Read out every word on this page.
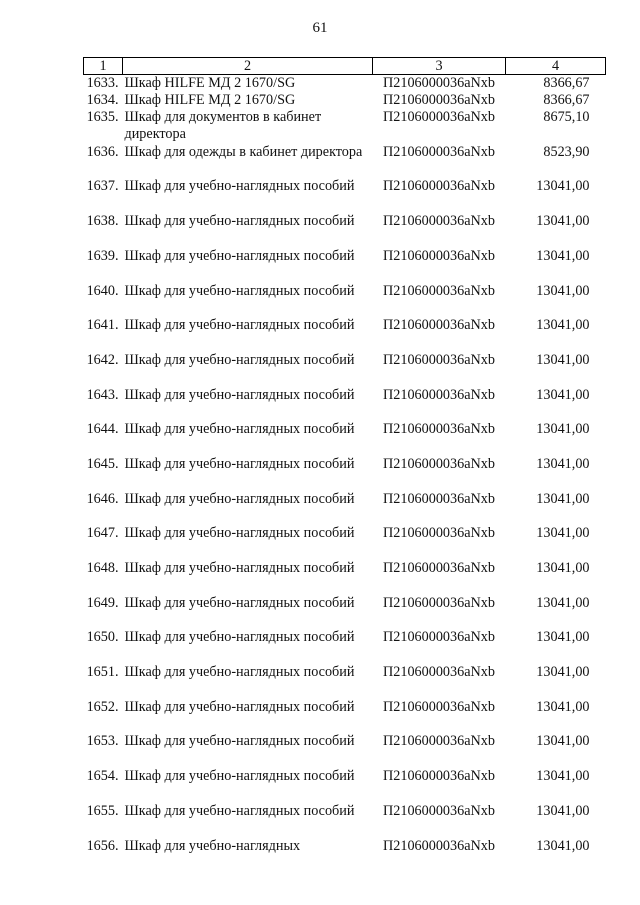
61
1	2	3	4
1633.	Шкаф HILFE МД 2 1670/SG	П2106000036aNxb	8366,67
1634.	Шкаф HILFE МД 2 1670/SG	П2106000036aNxb	8366,67
1635.	Шкаф для документов в кабинет директора	П2106000036aNxb	8675,10
1636.	Шкаф для одежды в кабинет директора	П2106000036aNxb	8523,90
1637.	Шкаф для учебно-наглядных пособий	П2106000036aNxb	13041,00
1638.	Шкаф для учебно-наглядных пособий	П2106000036aNxb	13041,00
1639.	Шкаф для учебно-наглядных пособий	П2106000036aNxb	13041,00
1640.	Шкаф для учебно-наглядных пособий	П2106000036aNxb	13041,00
1641.	Шкаф для учебно-наглядных пособий	П2106000036aNxb	13041,00
1642.	Шкаф для учебно-наглядных пособий	П2106000036aNxb	13041,00
1643.	Шкаф для учебно-наглядных пособий	П2106000036aNxb	13041,00
1644.	Шкаф для учебно-наглядных пособий	П2106000036aNxb	13041,00
1645.	Шкаф для учебно-наглядных пособий	П2106000036aNxb	13041,00
1646.	Шкаф для учебно-наглядных пособий	П2106000036aNxb	13041,00
1647.	Шкаф для учебно-наглядных пособий	П2106000036aNxb	13041,00
1648.	Шкаф для учебно-наглядных пособий	П2106000036aNxb	13041,00
1649.	Шкаф для учебно-наглядных пособий	П2106000036aNxb	13041,00
1650.	Шкаф для учебно-наглядных пособий	П2106000036aNxb	13041,00
1651.	Шкаф для учебно-наглядных пособий	П2106000036aNxb	13041,00
1652.	Шкаф для учебно-наглядных пособий	П2106000036aNxb	13041,00
1653.	Шкаф для учебно-наглядных пособий	П2106000036aNxb	13041,00
1654.	Шкаф для учебно-наглядных пособий	П2106000036aNxb	13041,00
1655.	Шкаф для учебно-наглядных пособий	П2106000036aNxb	13041,00
1656.	Шкаф для учебно-наглядных	П2106000036aNxb	13041,00
